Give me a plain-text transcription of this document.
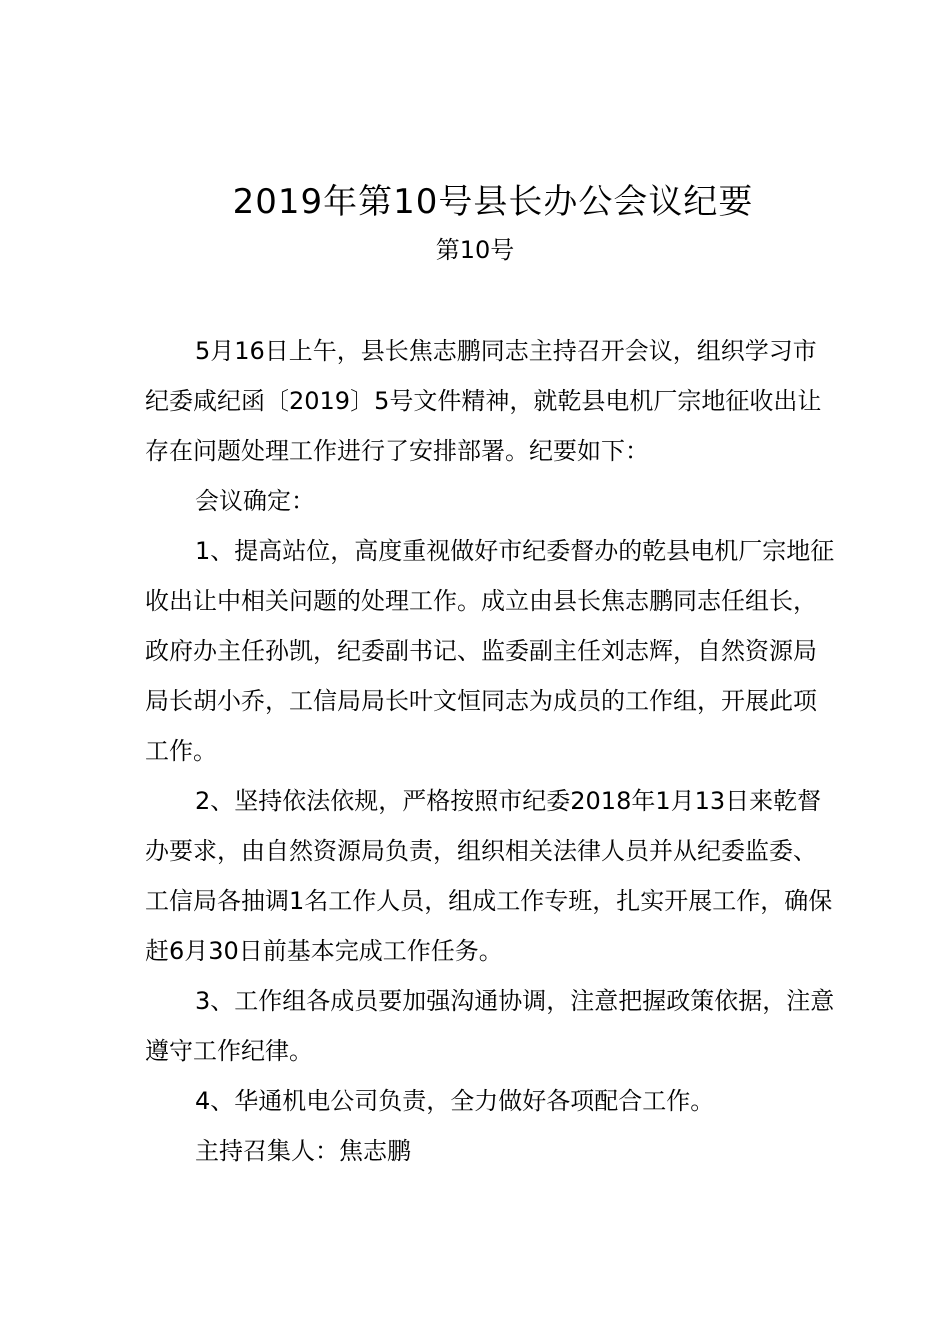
2019年第10号县长办公会议纪要
第10号

5月16日上午，县长焦志鹏同志主持召开会议，组织学习市纪委咸纪函〔2019〕5号文件精神，就乾县电机厂宗地征收出让存在问题处理工作进行了安排部署。纪要如下：

会议确定：

1、提高站位，高度重视做好市纪委督办的乾县电机厂宗地征收出让中相关问题的处理工作。成立由县长焦志鹏同志任组长，政府办主任孙凯，纪委副书记、监委副主任刘志辉，自然资源局局长胡小乔，工信局局长叶文恒同志为成员的工作组，开展此项工作。

2、坚持依法依规，严格按照市纪委2018年1月13日来乾督办要求，由自然资源局负责，组织相关法律人员并从纪委监委、工信局各抽调1名工作人员，组成工作专班，扎实开展工作，确保赶6月30日前基本完成工作任务。

3、工作组各成员要加强沟通协调，注意把握政策依据，注意遵守工作纪律。

4、华通机电公司负责，全力做好各项配合工作。

主持召集人：焦志鹏
